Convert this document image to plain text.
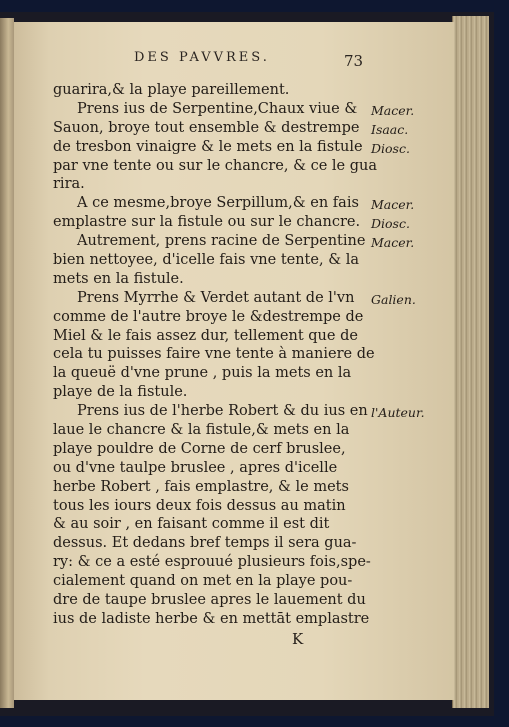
DES PAVVRES.	73
guarira,& la playe pareillement.
Prens ius de Serpentine,Chaux viue &
Sauon, broye tout ensemble & destrempe
de tresbon vinaigre & le mets en la fistule
par vne tente ou sur le chancre, & ce le gua
rira.
A ce mesme,broye Serpillum,& en fais
emplastre sur la fistule ou sur le chancre.
Autrement, prens racine de Serpentine
bien nettoyee, d'icelle fais vne tente, & la
mets en la fistule.
Prens Myrrhe & Verdet autant de l'vn
comme de l'autre broye le &destrempe de
Miel & le fais assez dur, tellement que de
cela tu puisses faire vne tente à maniere de
la queuë d'vne prune , puis la mets en la
playe de la fistule.
Prens ius de l'herbe Robert & du ius en
laue le chancre & la fistule,& mets en la
playe pouldre de Corne de cerf bruslee,
ou d'vne taulpe bruslee , apres d'icelle
herbe Robert , fais emplastre, & le mets
tous les iours deux fois dessus au matin
& au soir , en faisant comme il est dit
dessus. Et dedans bref temps il sera gua-
ry: & ce a esté esprouué plusieurs fois,spe-
cialement quand on met en la playe pou-
dre de taupe bruslee apres le lauement du
ius de ladiste herbe & en mettāt emplastre
Macer.
Isaac.
Diosc.
Macer.
Diosc.
Macer.
Galien.
l'Auteur.
K
